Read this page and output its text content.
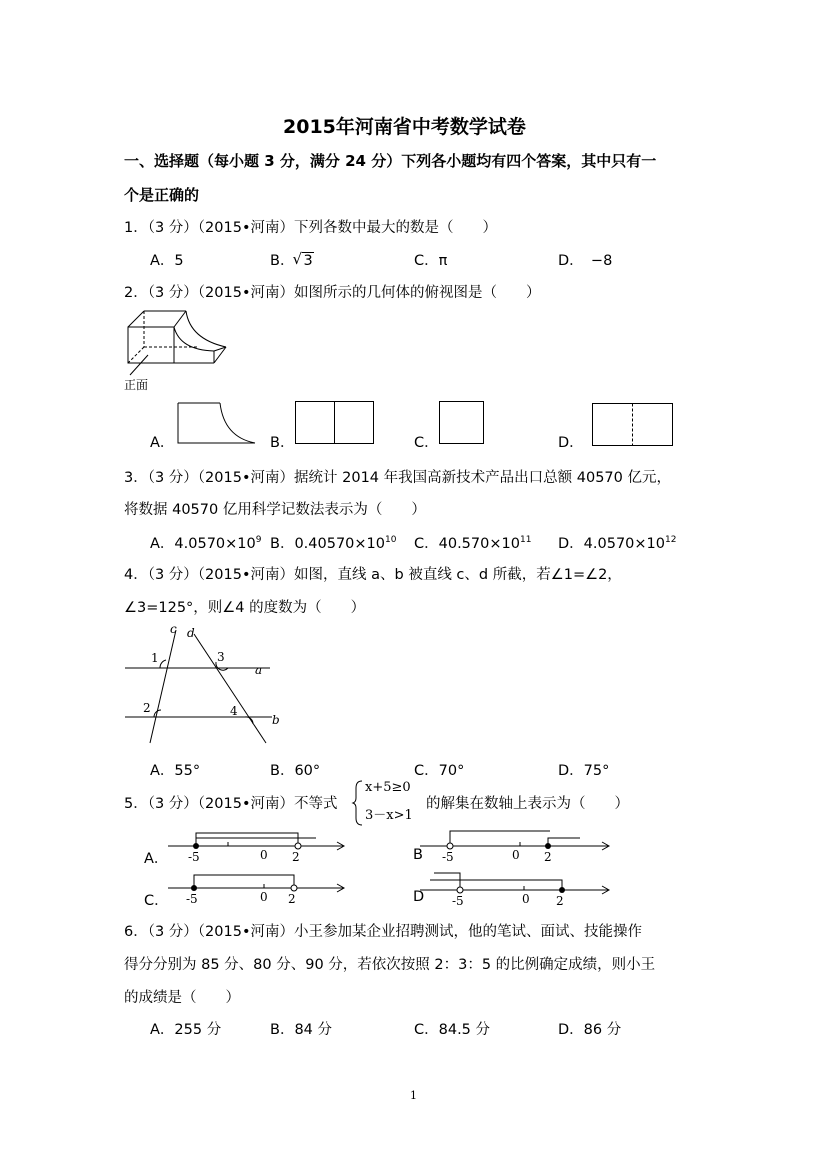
2015年河南省中考数学试卷
一、选择题（每小题 3 分，满分 24 分）下列各小题均有四个答案，其中只有一
个是正确的
1．（3 分）（2015•河南）下列各数中最大的数是（　　）
A．5	B．
√ 3	C．π	D．　−8
2．（3 分）（2015•河南）如图所示的几何体的俯视图是（　　）
正面
A．	B．	C．	D．
3．（3 分）（2015•河南）据统计 2014 年我国高新技术产品出口总额 40570 亿元，
将数据 40570 亿用科学记数法表示为（　　）
A．$4.0570\times 10^9$ B．$0.40570\times 10^{10}$ C．$40.570\times 10^{11}$ D．$4.0570\times 10^{12}$
4．（3 分）（2015•河南）如图，直线 a、b 被直线 c、d 所截，若∠1=∠2，
∠3=125°，则∠4 的度数为（　　）
c d
a
b
1
2
3
4
A．55°	B．60°	C．70°	D．75°
5．（3 分）（2015•河南）不等式
x+5≥0
3－x>1
的解集在数轴上表示为（　　）
A． -5	0 2	B -5	0 2
C． -5	0 2	D -5	0 2
6．（3 分）（2015•河南）小王参加某企业招聘测试，他的笔试、面试、技能操作
得分分别为 85 分、80 分、90 分，若依次按照 2：3：5 的比例确定成绩，则小王
的成绩是（　　）
A．255 分	B．84 分	C．84.5 分	D．86 分
1
